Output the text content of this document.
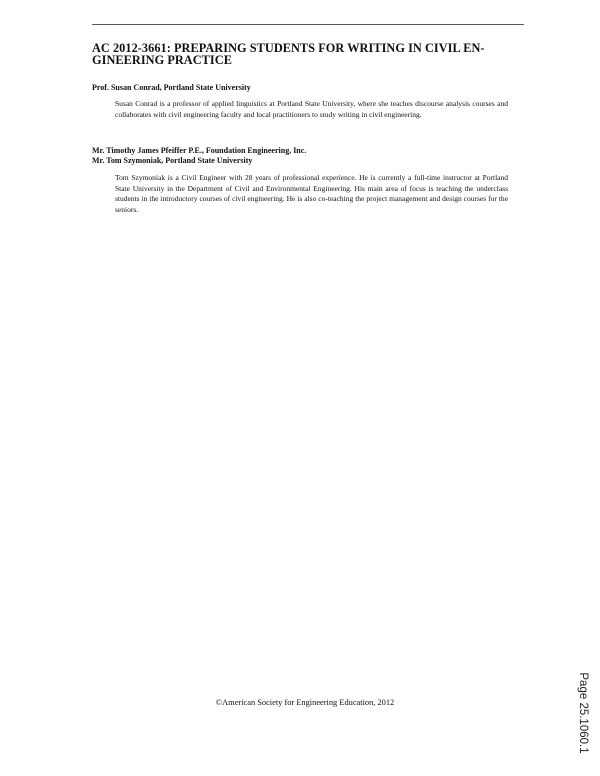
AC 2012-3661: PREPARING STUDENTS FOR WRITING IN CIVIL EN-
GINEERING PRACTICE

Prof. Susan Conrad, Portland State University

Susan Conrad is a professor of applied linguistics at Portland State University, where she teaches discourse analysis courses and collaborates with civil engineering faculty and local practitioners to study writing in civil engineering.

Mr. Timothy James Pfeiffer P.E., Foundation Engineering, Inc.

Mr. Tom Szymoniak, Portland State University

Tom Szymoniak is a Civil Engineer with 28 years of professional experience. He is currently a full-time instructor at Portland State University in the Department of Civil and Environmental Engineering. His main area of focus is teaching the underclass students in the introductory courses of civil engineering. He is also co-teaching the project management and design courses for the seniors.

©American Society for Engineering Education, 2012	Page 25.1060.1
